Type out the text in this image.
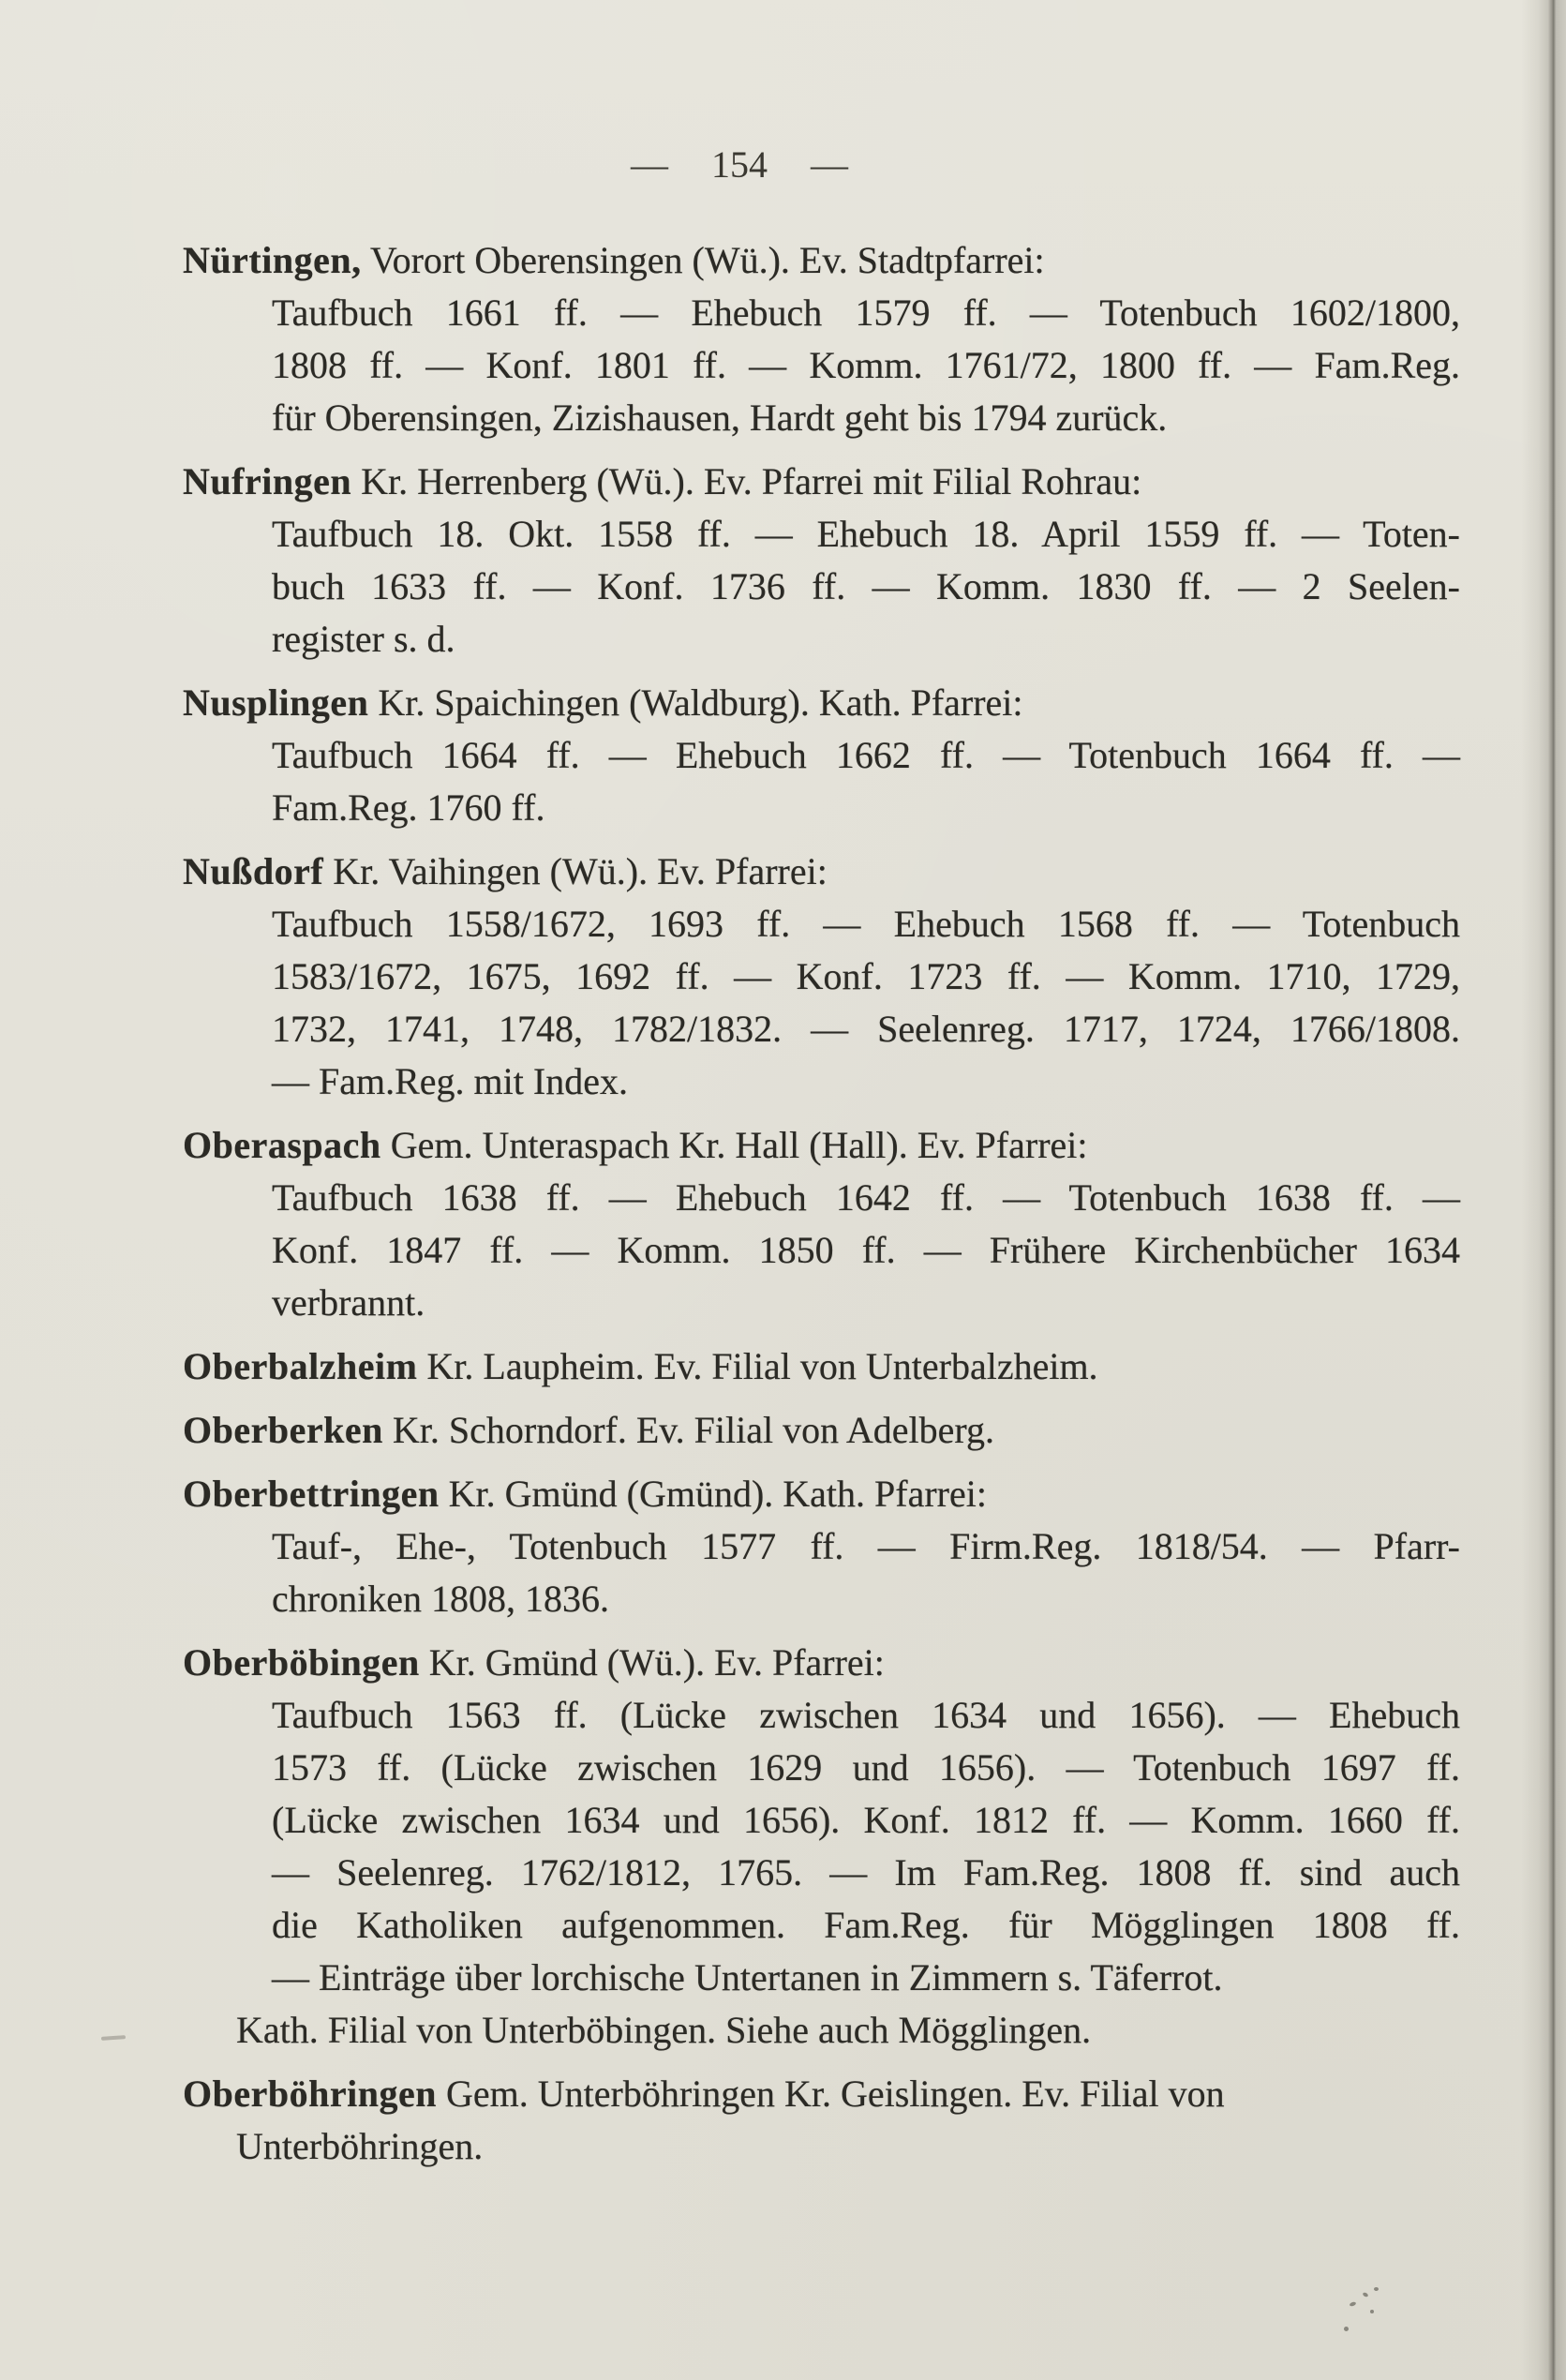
— 154 —
Nürtingen, Vorort Oberensingen (Wü.). Ev. Stadtpfarrei:
Taufbuch 1661 ff. — Ehebuch 1579 ff. — Totenbuch 1602/1800,
1808 ff. — Konf. 1801 ff. — Komm. 1761/72, 1800 ff. — Fam.Reg.
für Oberensingen, Zizishausen, Hardt geht bis 1794 zurück.
Nufringen Kr. Herrenberg (Wü.). Ev. Pfarrei mit Filial Rohrau:
Taufbuch 18. Okt. 1558 ff. — Ehebuch 18. April 1559 ff. — Toten-
buch 1633 ff. — Konf. 1736 ff. — Komm. 1830 ff. — 2 Seelen-
register s. d.
Nusplingen Kr. Spaichingen (Waldburg). Kath. Pfarrei:
Taufbuch 1664 ff. — Ehebuch 1662 ff. — Totenbuch 1664 ff. —
Fam.Reg. 1760 ff.
Nußdorf Kr. Vaihingen (Wü.). Ev. Pfarrei:
Taufbuch 1558/1672, 1693 ff. — Ehebuch 1568 ff. — Totenbuch
1583/1672, 1675, 1692 ff. — Konf. 1723 ff. — Komm. 1710, 1729,
1732, 1741, 1748, 1782/1832. — Seelenreg. 1717, 1724, 1766/1808.
— Fam.Reg. mit Index.
Oberaspach Gem. Unteraspach Kr. Hall (Hall). Ev. Pfarrei:
Taufbuch 1638 ff. — Ehebuch 1642 ff. — Totenbuch 1638 ff. —
Konf. 1847 ff. — Komm. 1850 ff. — Frühere Kirchenbücher 1634
verbrannt.
Oberbalzheim Kr. Laupheim. Ev. Filial von Unterbalzheim.
Oberberken Kr. Schorndorf. Ev. Filial von Adelberg.
Oberbettringen Kr. Gmünd (Gmünd). Kath. Pfarrei:
Tauf-, Ehe-, Totenbuch 1577 ff. — Firm.Reg. 1818/54. — Pfarr-
chroniken 1808, 1836.
Oberböbingen Kr. Gmünd (Wü.). Ev. Pfarrei:
Taufbuch 1563 ff. (Lücke zwischen 1634 und 1656). — Ehebuch
1573 ff. (Lücke zwischen 1629 und 1656). — Totenbuch 1697 ff.
(Lücke zwischen 1634 und 1656). Konf. 1812 ff. — Komm. 1660 ff.
— Seelenreg. 1762/1812, 1765. — Im Fam.Reg. 1808 ff. sind auch
die Katholiken aufgenommen. Fam.Reg. für Mögglingen 1808 ff.
— Einträge über lorchische Untertanen in Zimmern s. Täferrot.
Kath. Filial von Unterböbingen. Siehe auch Mögglingen.
Oberböhringen Gem. Unterböhringen Kr. Geislingen. Ev. Filial von
Unterböhringen.
